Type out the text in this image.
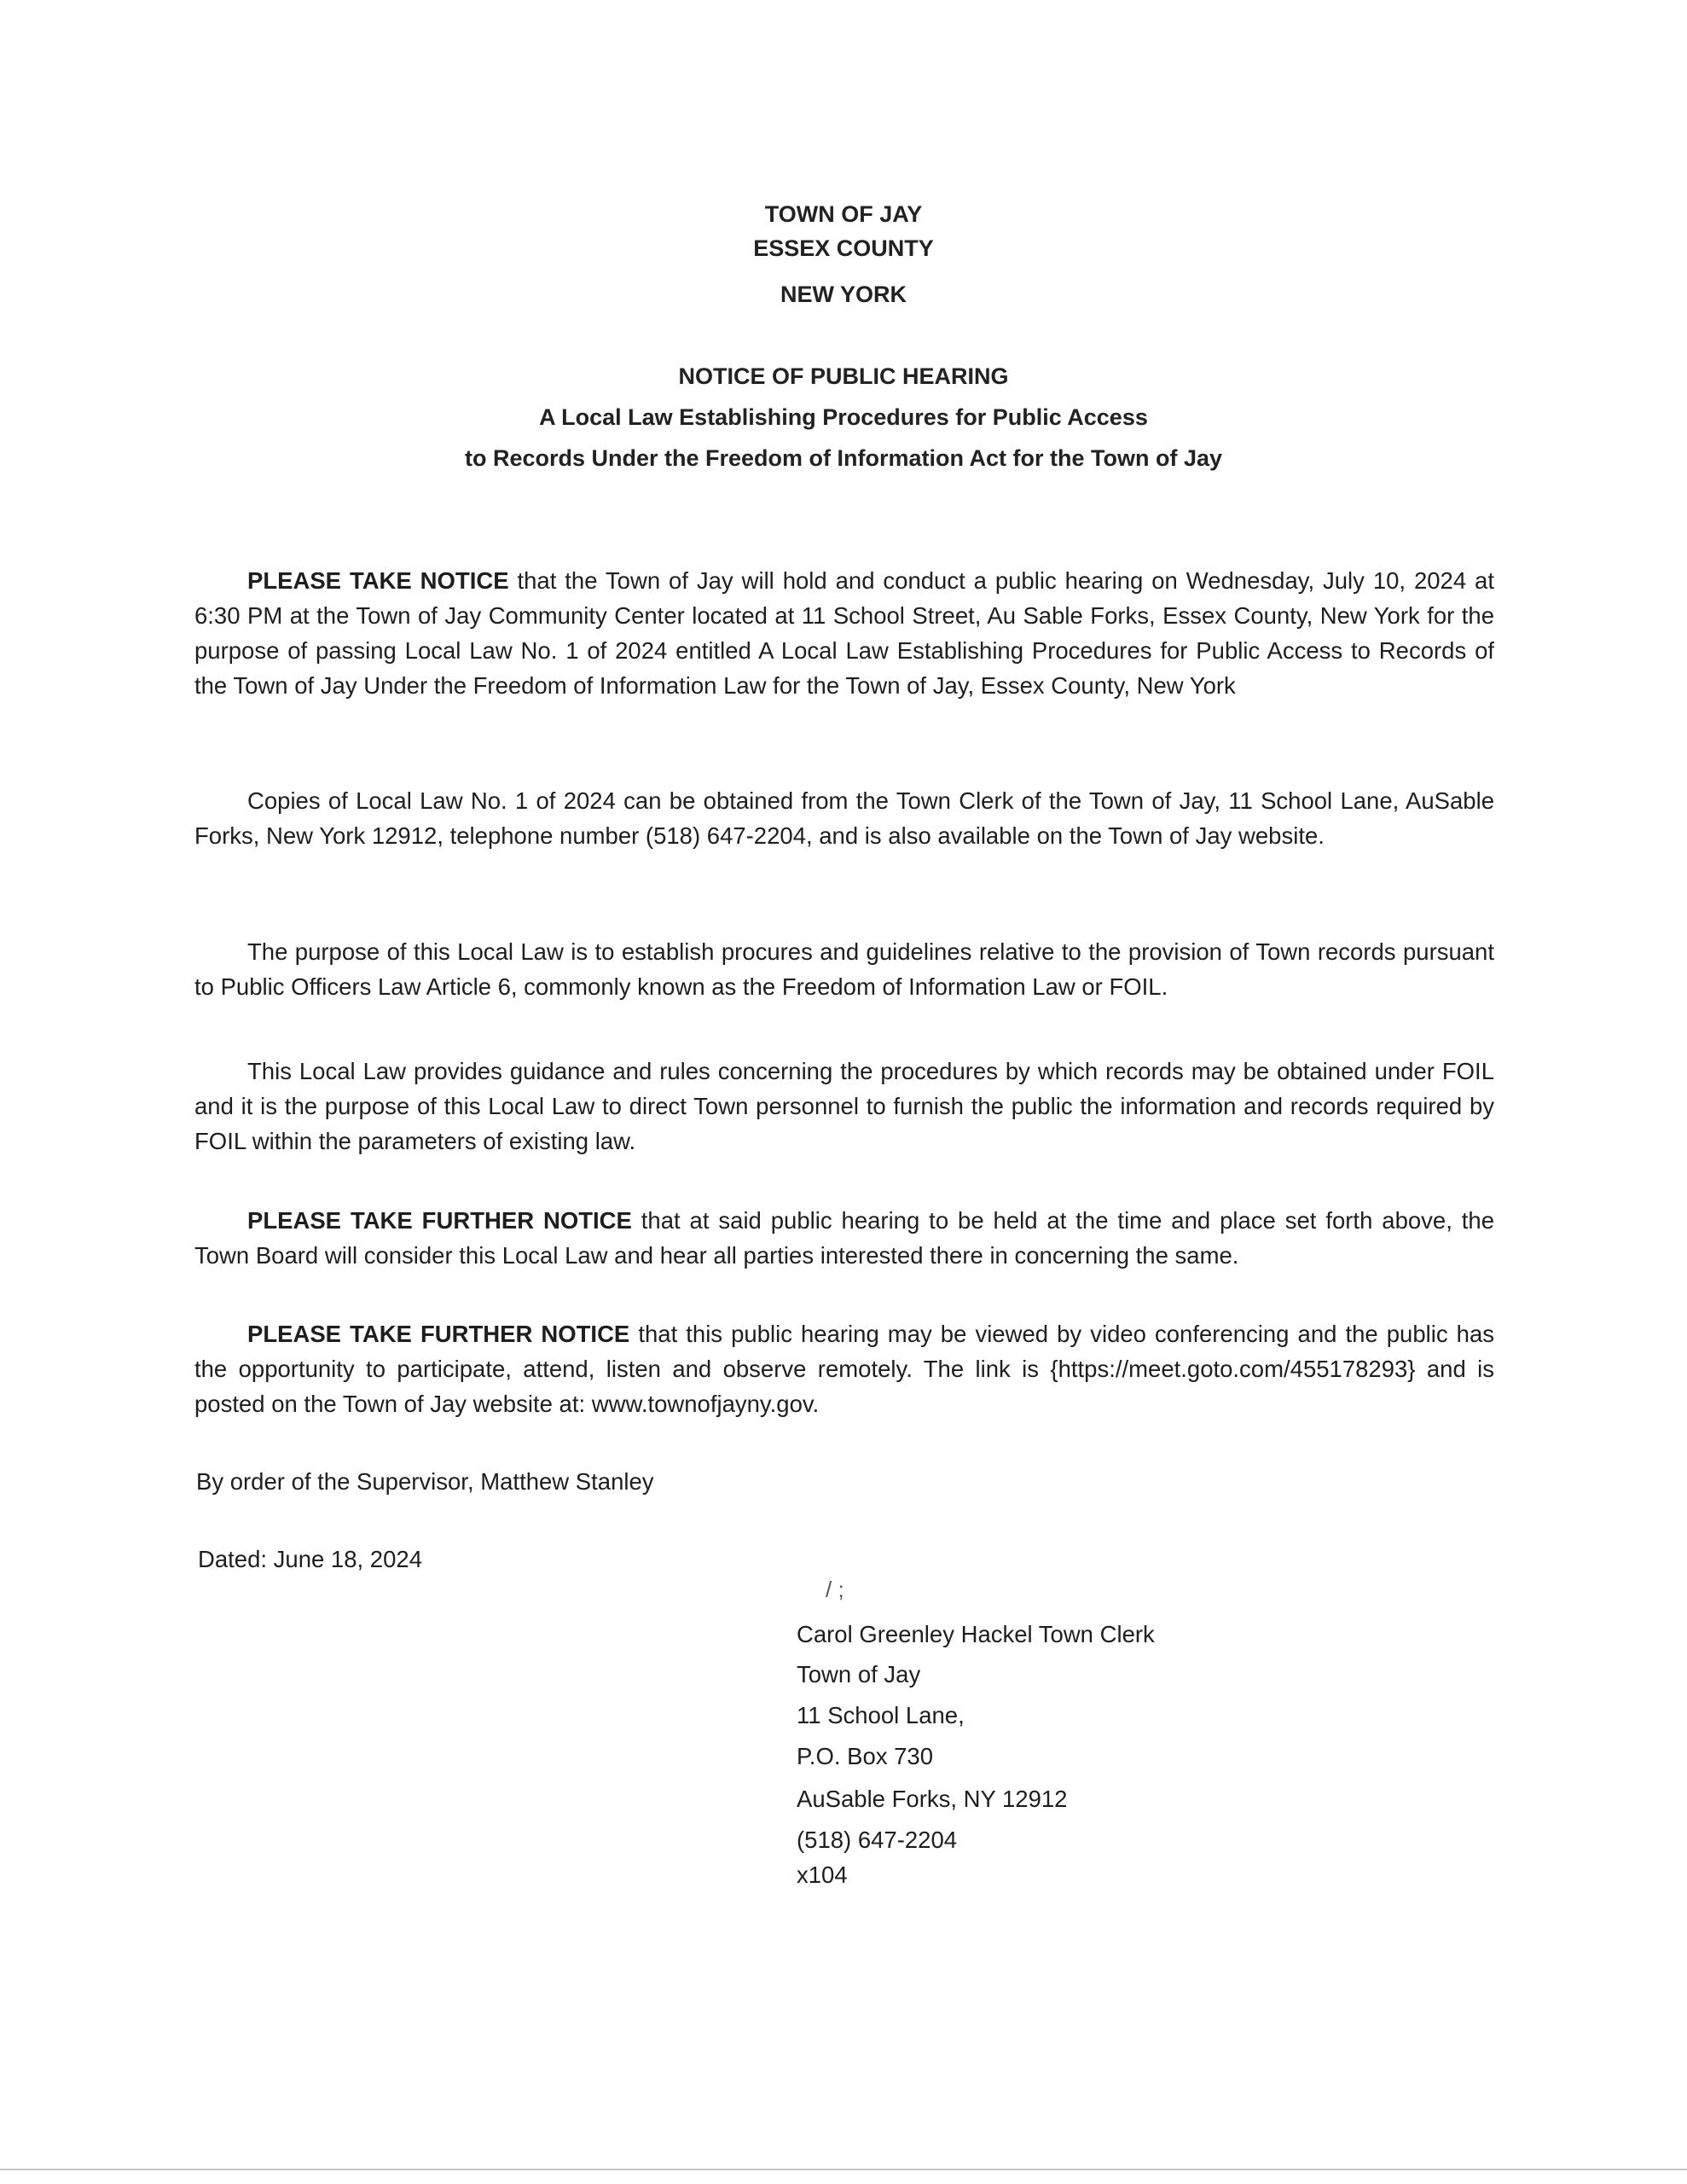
TOWN OF JAY
ESSEX COUNTY
NEW YORK
NOTICE OF PUBLIC HEARING
A Local Law Establishing Procedures for Public Access
to Records Under the Freedom of Information Act for the Town of Jay
PLEASE TAKE NOTICE that the Town of Jay will hold and conduct a public hearing on Wednesday, July 10, 2024 at 6:30 PM at the Town of Jay Community Center located at 11 School Street, Au Sable Forks, Essex County, New York for the purpose of passing Local Law No. 1 of 2024 entitled A Local Law Establishing Procedures for Public Access to Records of the Town of Jay Under the Freedom of Information Law for the Town of Jay, Essex County, New York
Copies of Local Law No. 1 of 2024 can be obtained from the Town Clerk of the Town of Jay, 11 School Lane, AuSable Forks, New York 12912, telephone number (518) 647-2204, and is also available on the Town of Jay website.
The purpose of this Local Law is to establish procures and guidelines relative to the provision of Town records pursuant to Public Officers Law Article 6, commonly known as the Freedom of Information Law or FOIL.
This Local Law provides guidance and rules concerning the procedures by which records may be obtained under FOIL and it is the purpose of this Local Law to direct Town personnel to furnish the public the information and records required by FOIL within the parameters of existing law.
PLEASE TAKE FURTHER NOTICE that at said public hearing to be held at the time and place set forth above, the Town Board will consider this Local Law and hear all parties interested there in concerning the same.
PLEASE TAKE FURTHER NOTICE that this public hearing may be viewed by video conferencing and the public has the opportunity to participate, attend, listen and observe remotely. The link is {https://meet.goto.com/455178293} and is posted on the Town of Jay website at: www.townofjayny.gov.
By order of the Supervisor, Matthew Stanley
Dated: June 18, 2024
/ ;
Carol Greenley Hackel Town Clerk
Town of Jay
11 School Lane,
P.O. Box 730
AuSable Forks, NY 12912
(518) 647-2204
x104
